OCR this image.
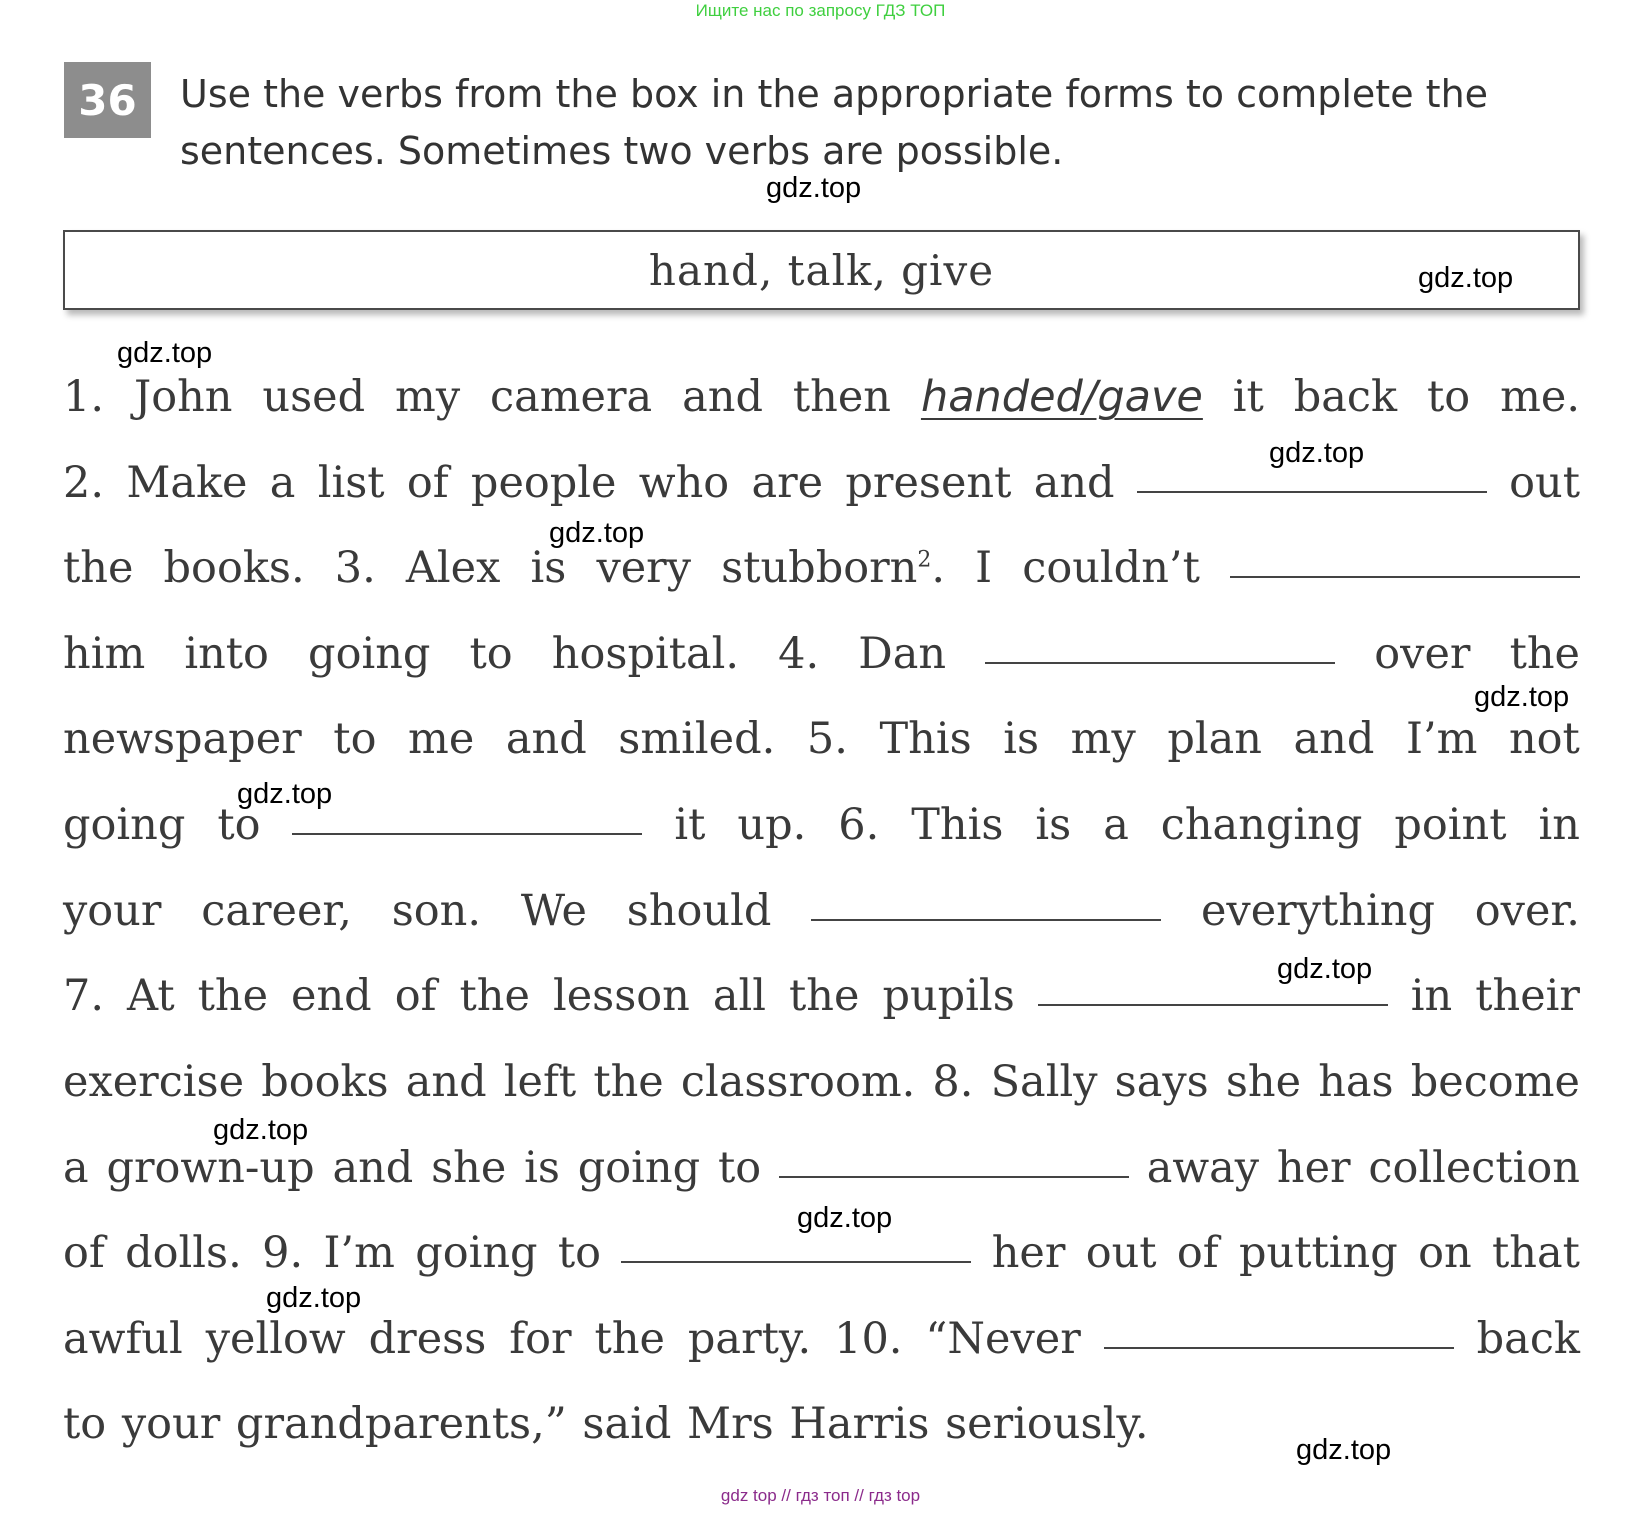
Ищите нас по запросу ГДЗ ТОП
36	Use the verbs from the box in the appropriate forms to complete the
sentences. Sometimes two verbs are possible.

hand, talk, give
1. John used my camera and then handed/gave it back to me.
2. Make a list of people who are present and	out
the books. 3. Alex is very stubborn$^2$. I couldn’t
him into going to hospital. 4. Dan	over the
newspaper to me and smiled. 5. This is my plan and I’m not
going to	it up. 6. This is a changing point in
your career, son. We should	everything over.
7. At the end of the lesson all the pupils	in their
exercise books and left the classroom. 8. Sally says she has become
a grown-up and she is going to	away her collection
of dolls. 9. I’m going to	her out of putting on that
awful yellow dress for the party. 10. “Never	back
to your grandparents,” said Mrs Harris seriously.
gdz.top
gdz.top
gdz.top
gdz.top
gdz.top
gdz.top
gdz.top
gdz.top
gdz.top
gdz.top
gdz.top
gdz.top
gdz top // гдз топ // гдз top
